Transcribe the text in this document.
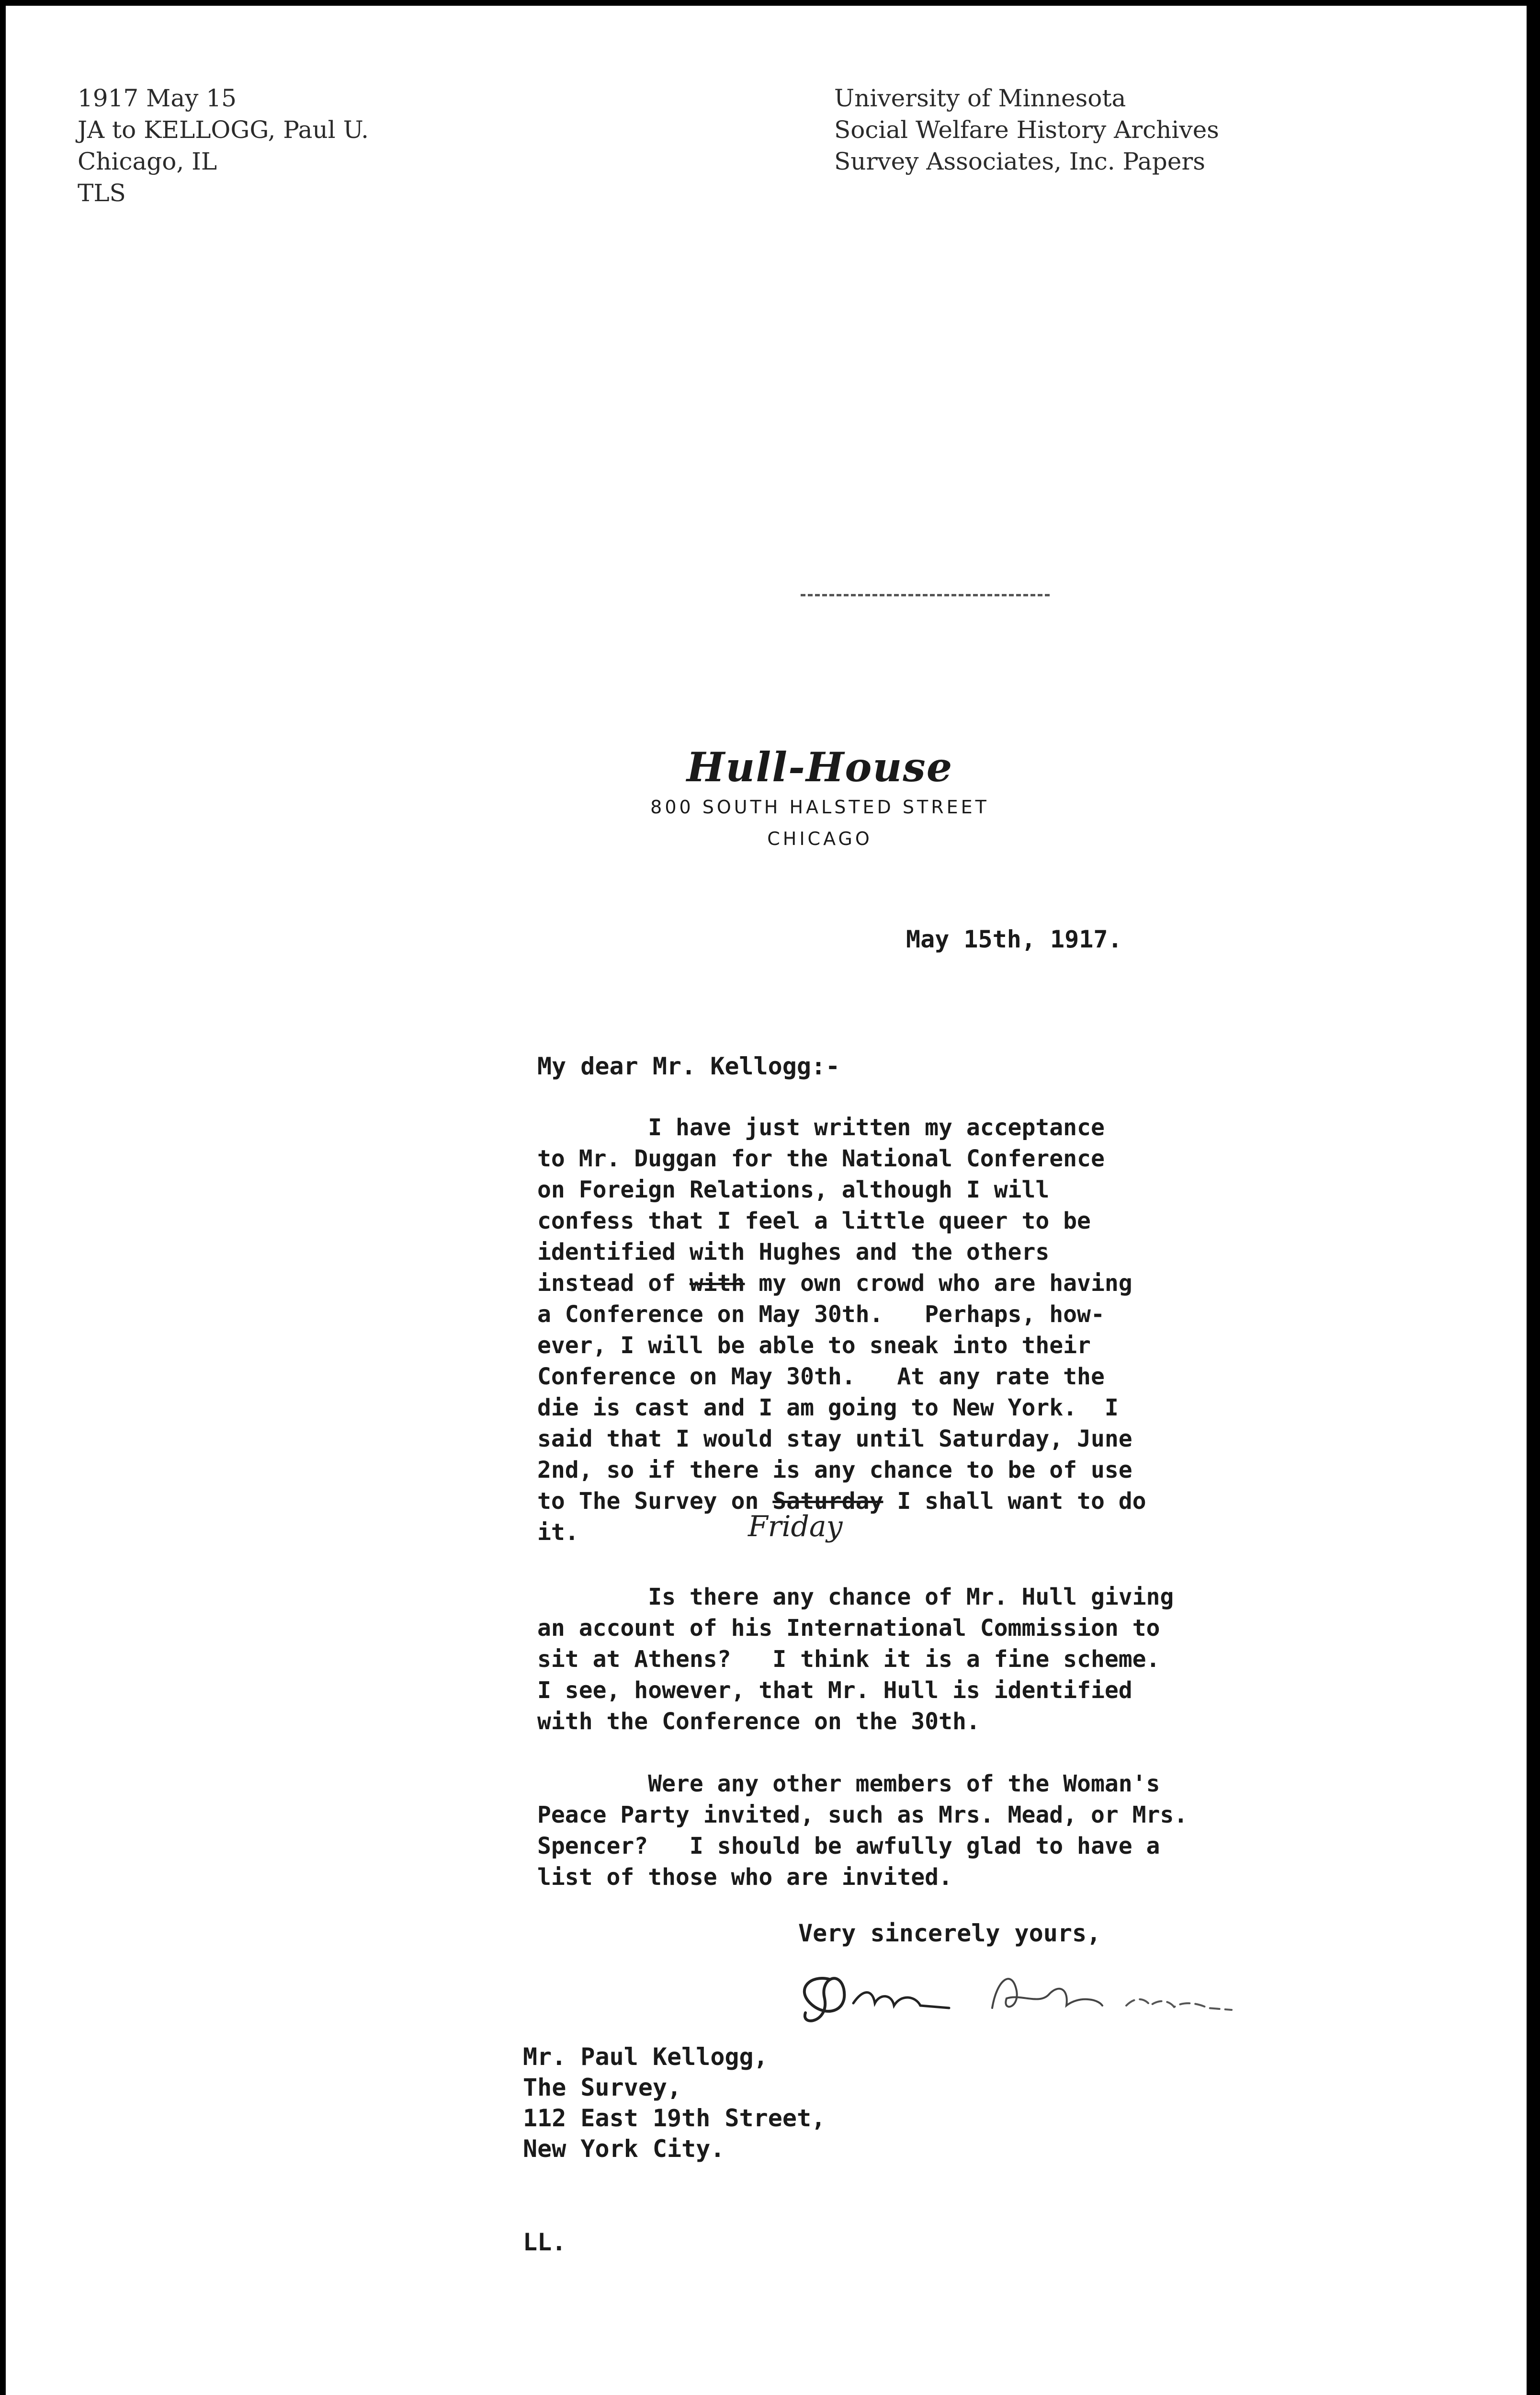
1917 May 15
JA to KELLOGG, Paul U.
Chicago, IL
TLS
University of Minnesota
Social Welfare History Archives
Survey Associates, Inc. Papers
Hull-House
800 SOUTH HALSTED STREET
CHICAGO
May 15th, 1917.
My dear Mr. Kellogg:-
I have just written my acceptance
to Mr. Duggan for the National Conference
on Foreign Relations, although I will
confess that I feel a little queer to be
identified with Hughes and the others
instead of with my own crowd who are having
a Conference on May 30th.   Perhaps, how-
ever, I will be able to sneak into their
Conference on May 30th.   At any rate the
die is cast and I am going to New York.  I
said that I would stay until Saturday, June
2nd, so if there is any chance to be of use
to The Survey on Saturday I shall want to do
it.	Friday
Is there any chance of Mr. Hull giving
an account of his International Commission to
sit at Athens?   I think it is a fine scheme.
I see, however, that Mr. Hull is identified
with the Conference on the 30th.
Were any other members of the Woman's
Peace Party invited, such as Mrs. Mead, or Mrs.
Spencer?   I should be awfully glad to have a
list of those who are invited.
Very sincerely yours,
Mr. Paul Kellogg,
The Survey,
112 East 19th Street,
New York City.
LL.
